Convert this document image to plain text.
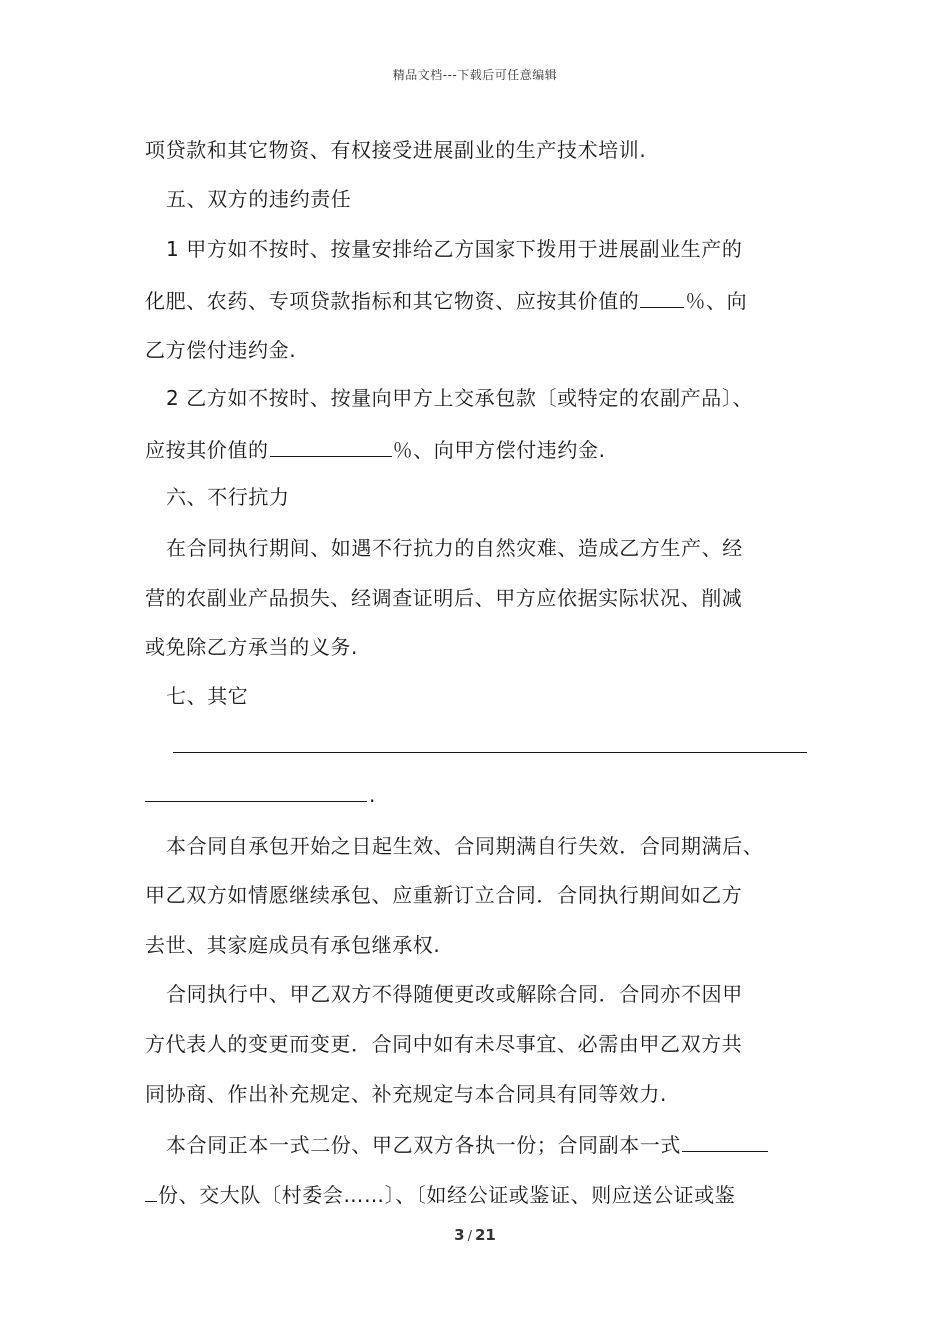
精品文档---下载后可任意编辑
项贷款和其它物资、有权接受进展副业的生产技术培训.
五、双方的违约责任
1 甲方如不按时、按量安排给乙方国家下拨用于进展副业生产的
化肥、农药、专项贷款指标和其它物资、应按其价值的 ％、向
乙方偿付违约金.
2 乙方如不按时、按量向甲方上交承包款〔或特定的农副产品〕、
应按其价值的	％、向甲方偿付违约金.
六、不行抗力
在合同执行期间、如遇不行抗力的自然灾难、造成乙方生产、经
营的农副业产品损失、经调查证明后、甲方应依据实际状况、削减
或免除乙方承当的义务.
七、其它
.
本合同自承包开始之日起生效、合同期满自行失效．合同期满后、
甲乙双方如情愿继续承包、应重新订立合同．合同执行期间如乙方
去世、其家庭成员有承包继承权.
合同执行中、甲乙双方不得随便更改或解除合同．合同亦不因甲
方代表人的变更而变更．合同中如有未尽事宜、必需由甲乙双方共
同协商、作出补充规定、补充规定与本合同具有同等效力.
本合同正本一式二份、甲乙双方各执一份；合同副本一式
份、交大队〔村委会……〕、〔如经公证或鉴证、则应送公证或鉴
3 / 21
